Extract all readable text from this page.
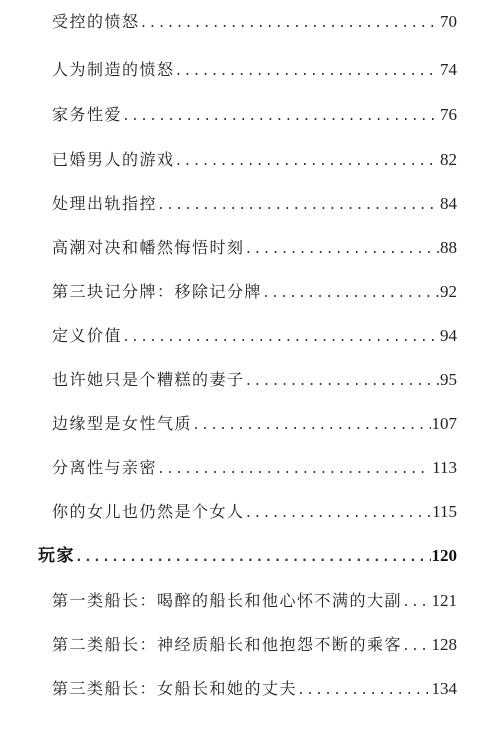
受控的愤怒 .....	70
人为制造的愤怒 .....	74
家务性爱 .....	76
已婚男人的游戏 .....	82
处理出轨指控 .....	84
高潮对决和幡然悔悟时刻 .....	88
第三块记分牌：移除记分牌 .....	92
定义价值 .....	94
也许她只是个糟糕的妻子 .....	95
边缘型是女性气质 .....	107
分离性与亲密 .....	113
你的女儿也仍然是个女人 .....	115
玩家 .....	120
第一类船长：喝醉的船长和他心怀不满的大副 ..... 121
第二类船长：神经质船长和他抱怨不断的乘客 ..... 128
第三类船长：女船长和她的丈夫 .....	134
